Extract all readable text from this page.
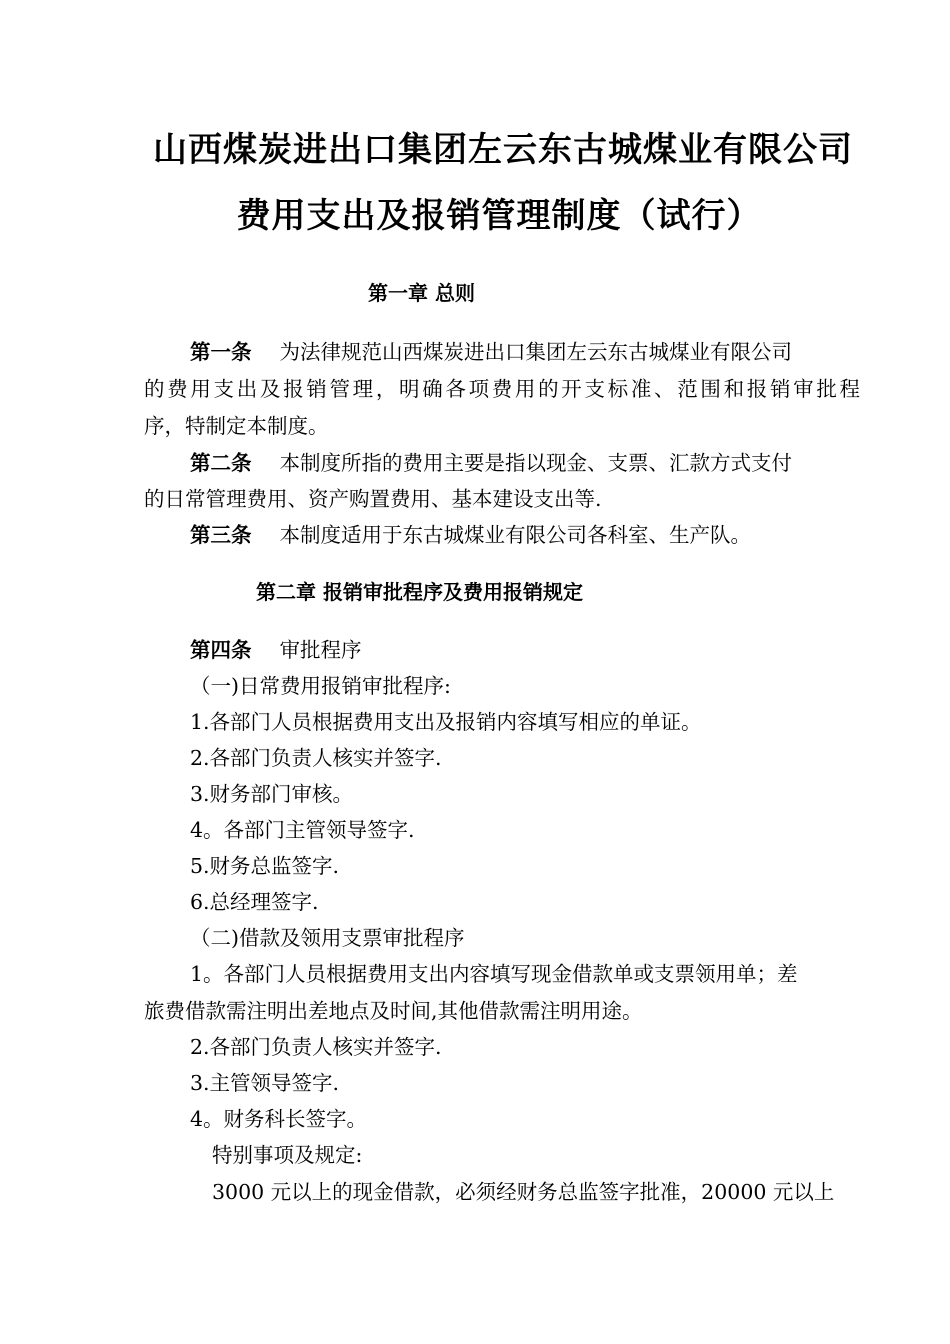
山西煤炭进出口集团左云东古城煤业有限公司
费用支出及报销管理制度（试行）
第一章 总则
第一条 为法律规范山西煤炭进出口集团左云东古城煤业有限公司
的费用支出及报销管理，明确各项费用的开支标准、范围和报销审批程
序，特制定本制度。
第二条 本制度所指的费用主要是指以现金、支票、汇款方式支付
的日常管理费用、资产购置费用、基本建设支出等.
第三条 本制度适用于东古城煤业有限公司各科室、生产队。
第二章 报销审批程序及费用报销规定
第四条 审批程序
（一)日常费用报销审批程序:
1.各部门人员根据费用支出及报销内容填写相应的单证。
2.各部门负责人核实并签字.
3.财务部门审核。
4。各部门主管领导签字.
5.财务总监签字.
6.总经理签字.
（二)借款及领用支票审批程序
1。各部门人员根据费用支出内容填写现金借款单或支票领用单；差
旅费借款需注明出差地点及时间,其他借款需注明用途。
2.各部门负责人核实并签字.
3.主管领导签字.
4。财务科长签字。
特别事项及规定:
3000 元以上的现金借款，必须经财务总监签字批准，20000 元以上
